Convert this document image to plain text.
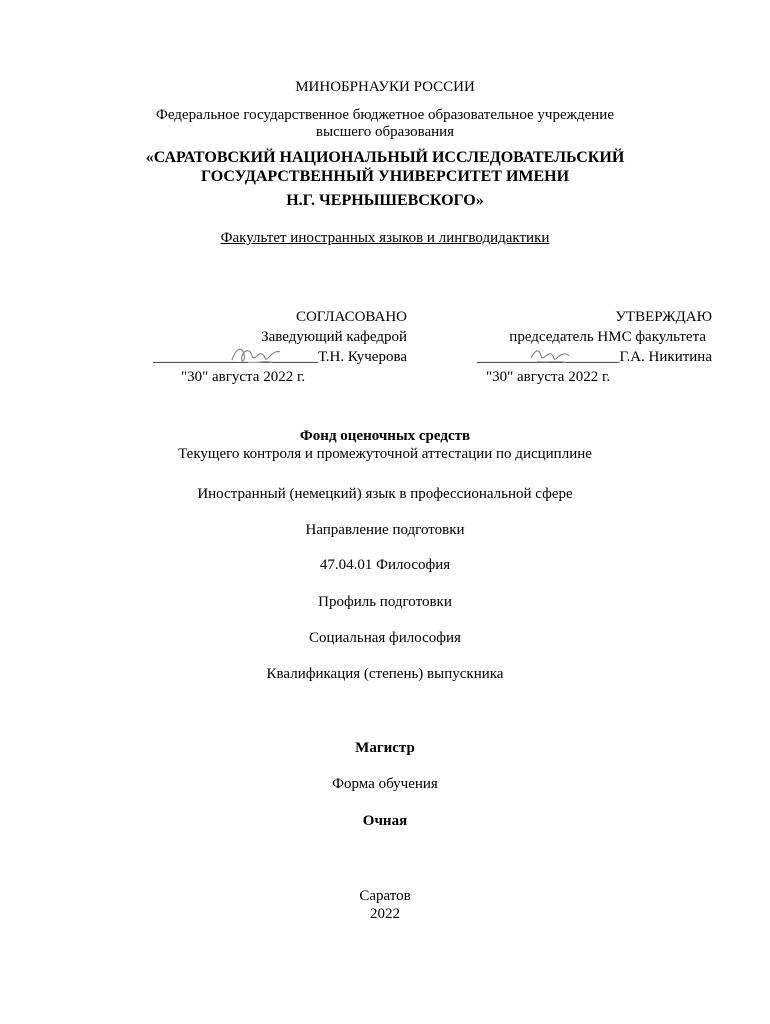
МИНОБРНАУКИ РОССИИ
Федеральное государственное бюджетное образовательное учреждение
высшего образования
«САРАТОВСКИЙ НАЦИОНАЛЬНЫЙ ИССЛЕДОВАТЕЛЬСКИЙ
ГОСУДАРСТВЕННЫЙ УНИВЕРСИТЕТ ИМЕНИ
Н.Г. ЧЕРНЫШЕВСКОГО»
Факультет иностранных языков и лингводидактики
СОГЛАСОВАНО
Заведующий кафедрой
______________________Т.Н. Кучерова
"30" августа 2022 г.
УТВЕРЖДАЮ
председатель НМС факультета
___________________Г.А. Никитина
"30" августа 2022 г.
Фонд оценочных средств
Текущего контроля и промежуточной аттестации по дисциплине
Иностранный (немецкий) язык в профессиональной сфере
Направление подготовки
47.04.01 Философия
Профиль подготовки
Социальная философия
Квалификация (степень) выпускника
Магистр
Форма обучения
Очная
Саратов
2022
